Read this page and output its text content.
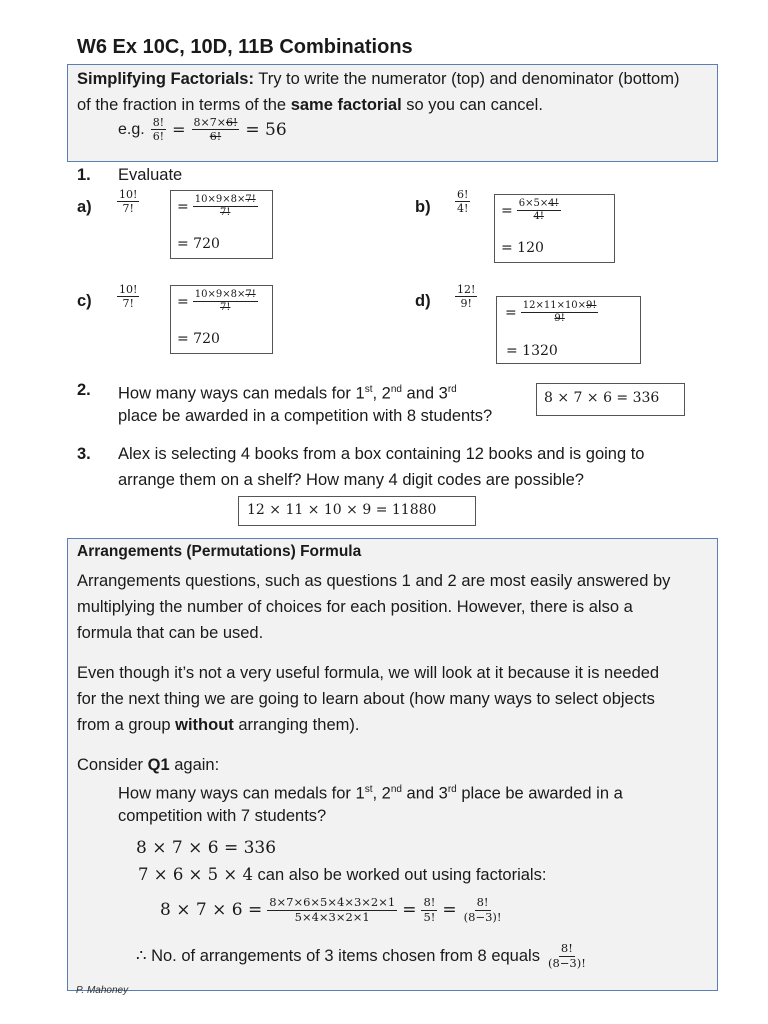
W6 Ex 10C, 10D, 11B Combinations
Simplifying Factorials: Try to write the numerator (top) and denominator (bottom)
of the fraction in terms of the same factorial so you can cancel.
e.g. $\frac{8!}{6!} = \frac{8\times 7\times 6!}{6!} = 56$
1. Evaluate
$a) \frac{10!}{7!}$	= $\frac{10\times 9\times 8\times 7!}{7!}$
= 720
$b) \frac{6!}{4!} = \frac{6\times 5\times 4!}{4!}$
= 120
$c) \frac{10!}{7!}$	= $\frac{10\times 9\times 8\times 7!}{7!}$
= 720
$d) \frac{12!}{9!}$
= $\frac{12\times 11\times 10\times 9!}{9!}$
= 1320
2. How many ways can medals for 1st, 2nd and 3rd
place be awarded in a competition with 8 students?
8 × 7 × 6 = 336
3. Alex is selecting 4 books from a box containing 12 books and is going to
arrange them on a shelf? How many 4 digit codes are possible?
12 × 11 × 10 × 9 = 11880
Arrangements (Permutations) Formula
Arrangements questions, such as questions 1 and 2 are most easily answered by
multiplying the number of choices for each position. However, there is also a
formula that can be used.
Even though it’s not a very useful formula, we will look at it because it is needed
for the next thing we are going to learn about (how many ways to select objects
from a group without arranging them).
Consider Q1 again:
How many ways can medals for 1st, 2nd and 3rd place be awarded in a
competition with 7 students?
8 × 7 × 6 = 336
7 × 6 × 5 × 4 can also be worked out using factorials:
$8 \times 7 \times 6 = \frac{8\times 7\times 6\times 5\times 4\times 3\times 2\times 1}{5\times 4\times 3\times 2\times 1} = \frac{8!}{5!} = \frac{8!}{(8-3)!}$
∴ No. of arrangements of 3 items chosen from 8 equals $\frac{8!}{(8-3)!}$
P. Mahoney
